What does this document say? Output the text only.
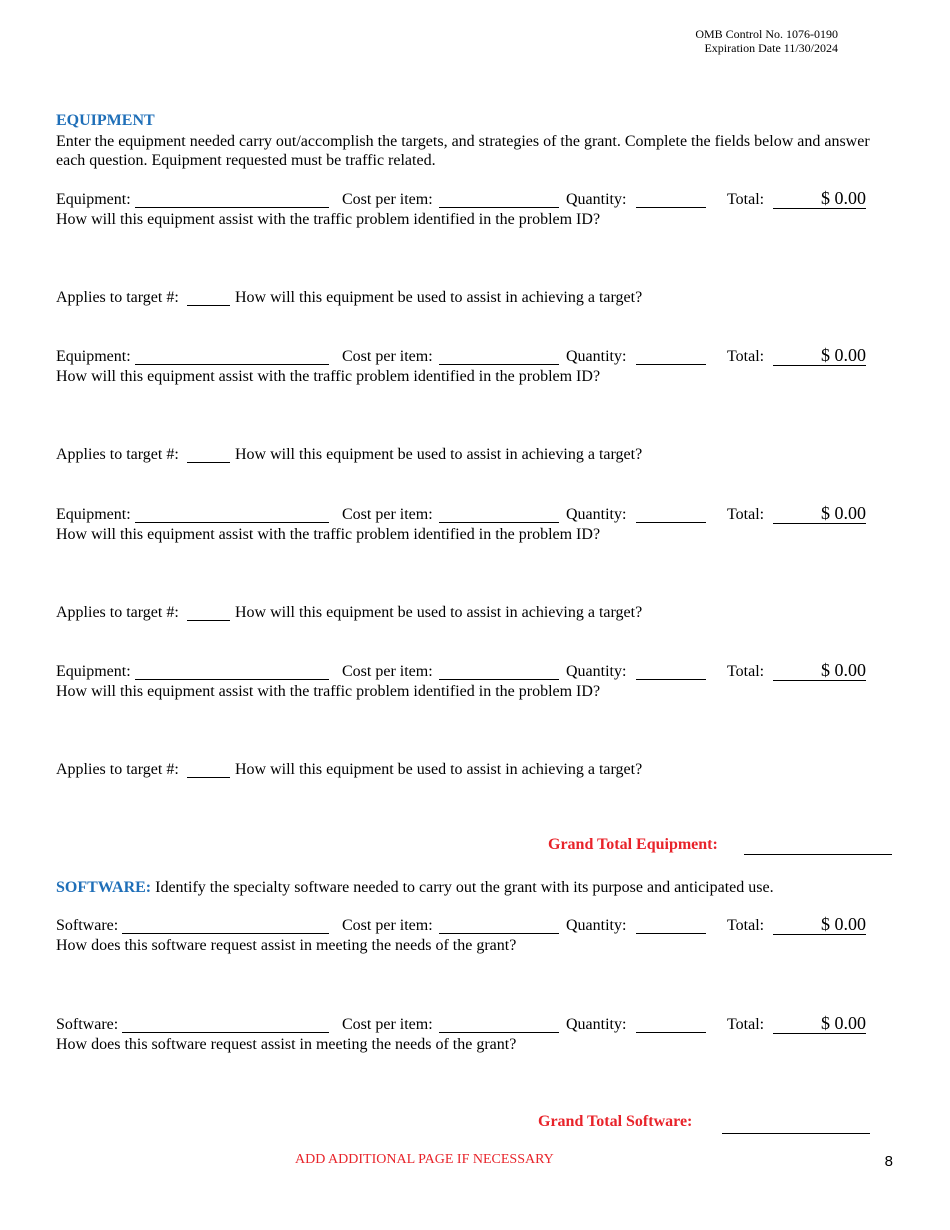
OMB Control No. 1076-0190
Expiration Date 11/30/2024
EQUIPMENT
Enter the equipment needed carry out/accomplish the targets, and strategies of the grant. Complete the fields below and answer each question. Equipment requested must be traffic related.
Equipment:	Cost per item:	Quantity:	Total:	$ 0.00
How will this equipment assist with the traffic problem identified in the problem ID?
Applies to target #:	How will this equipment be used to assist in achieving a target?
Equipment:	Cost per item:	Quantity:	Total:	$ 0.00
How will this equipment assist with the traffic problem identified in the problem ID?
Applies to target #:	How will this equipment be used to assist in achieving a target?
Equipment:	Cost per item:	Quantity:	Total:	$ 0.00
How will this equipment assist with the traffic problem identified in the problem ID?
Applies to target #:	How will this equipment be used to assist in achieving a target?
Equipment:	Cost per item:	Quantity:	Total:	$ 0.00
How will this equipment assist with the traffic problem identified in the problem ID?
Applies to target #:	How will this equipment be used to assist in achieving a target?
Grand Total Equipment:
SOFTWARE: Identify the specialty software needed to carry out the grant with its purpose and anticipated use.
Software:	Cost per item:	Quantity:	Total:	$ 0.00
How does this software request assist in meeting the needs of the grant?
Software:	Cost per item:	Quantity:	Total:	$ 0.00
How does this software request assist in meeting the needs of the grant?
Grand Total Software:
ADD ADDITIONAL PAGE IF NECESSARY	8
